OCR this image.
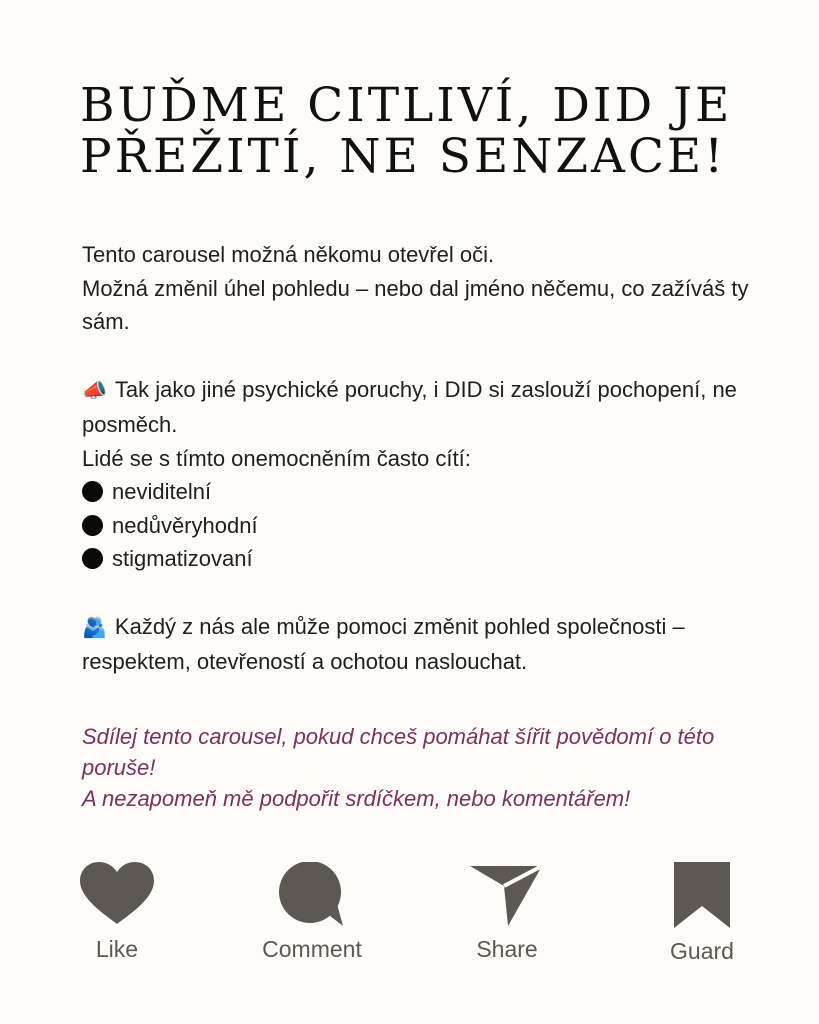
BUĎME CITLIVÍ, DID JE
PŘEŽITÍ, NE SENZACE!

Tento carousel možná někomu otevřel oči.

Možná změnil úhel pohledu – nebo dal jméno něčemu, co zažíváš ty sám.

📣 Tak jako jiné psychické poruchy, i DID si zaslouží pochopení, ne posměch.

Lidé se s tímto onemocněním často cítí:

neviditelní
nedůvěryhodní
stigmatizovaní

🫂 Každý z nás ale může pomoci změnit pohled společnosti – respektem, otevřeností a ochotou naslouchat.

Sdílej tento carousel, pokud chceš pomáhat šířit povědomí o této poruše!

A nezapomeň mě podpořit srdíčkem, nebo komentářem!

Like	Comment	Share	Guard
